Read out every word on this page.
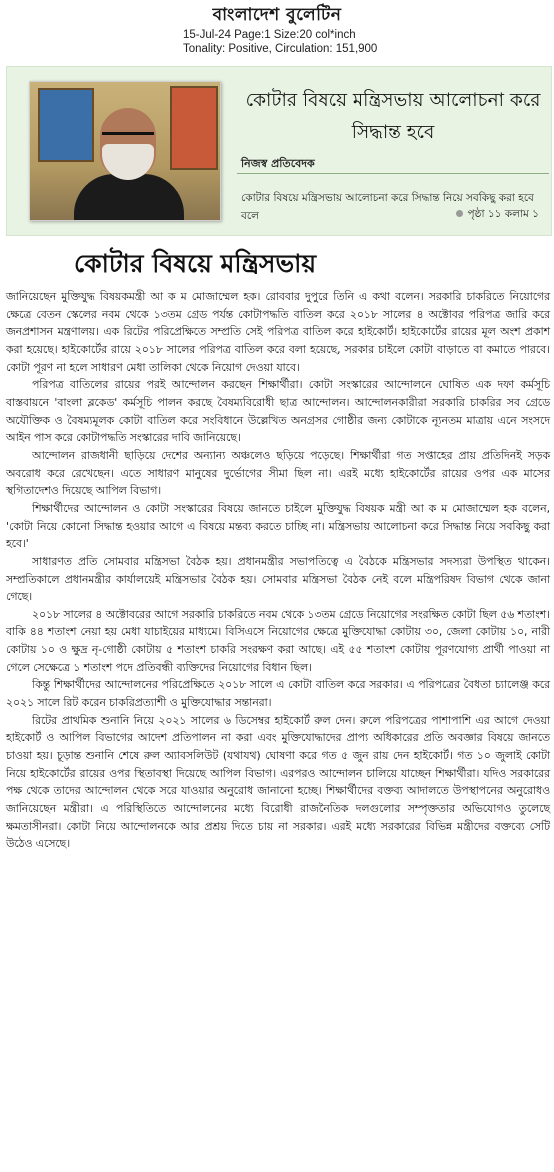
বাংলাদেশ বুলেটিন
15-Jul-24 Page:1 Size:20 col*inch
Tonality: Positive, Circulation: 151,900
কোটার বিষয়ে মন্ত্রিসভায় আলোচনা করে সিদ্ধান্ত হবে
নিজস্ব প্রতিবেদক
কোটার বিষয়ে মন্ত্রিসভায় আলোচনা করে সিদ্ধান্ত নিয়ে সবকিছু করা হবে বলে	পৃষ্ঠা ১১ কলাম ১
কোটার বিষয়ে মন্ত্রিসভায়

জানিয়েছেন মুক্তিযুদ্ধ বিষয়কমন্ত্রী আ ক ম মোজাম্মেল হক। রোববার দুপুরে তিনি এ কথা বলেন। সরকারি চাকরিতে নিয়োগের ক্ষেত্রে বেতন স্কেলের নবম থেকে ১৩তম গ্রেড পর্যন্ত কোটাপদ্ধতি বাতিল করে ২০১৮ সালের ৪ অক্টোবর পরিপত্র জারি করে জনপ্রশাসন মন্ত্রণালয়। এক রিটের পরিপ্রেক্ষিতে সম্প্রতি সেই পরিপত্র বাতিল করে হাইকোর্ট। হাইকোর্টের রায়ের মূল অংশ প্রকাশ করা হয়েছে। হাইকোর্টের রায়ে ২০১৮ সালের পরিপত্র বাতিল করে বলা হয়েছে, সরকার চাইলে কোটা বাড়াতে বা কমাতে পারবে। কোটা পূরণ না হলে সাধারণ মেধা তালিকা থেকে নিয়োগ দেওয়া যাবে।

পরিপত্র বাতিলের রায়ের পরই আন্দোলন করছেন শিক্ষার্থীরা। কোটা সংস্কারের আন্দোলনে ঘোষিত এক দফা কর্মসূচি বাস্তবায়নে 'বাংলা ব্লকেড' কর্মসূচি পালন করছে বৈষম্যবিরোধী ছাত্র আন্দোলন। আন্দোলনকারীরা সরকারি চাকরির সব গ্রেডে অযৌক্তিক ও বৈষম্যমূলক কোটা বাতিল করে সংবিধানে উল্লেখিত অনগ্রসর গোষ্ঠীর জন্য কোটাকে ন্যূনতম মাত্রায় এনে সংসদে আইন পাস করে কোটাপদ্ধতি সংস্কারের দাবি জানিয়েছে।

আন্দোলন রাজধানী ছাড়িয়ে দেশের অন্যান্য অঞ্চলেও ছড়িয়ে পড়েছে। শিক্ষার্থীরা গত সপ্তাহের প্রায় প্রতিদিনই সড়ক অবরোধ করে রেখেছেন। এতে সাধারণ মানুষের দুর্ভোগের সীমা ছিল না। এরই মধ্যে হাইকোর্টের রায়ের ওপর এক মাসের স্থগিতাদেশও দিয়েছে আপিল বিভাগ।

শিক্ষার্থীদের আন্দোলন ও কোটা সংস্কারের বিষয়ে জানতে চাইলে মুক্তিযুদ্ধ বিষয়ক মন্ত্রী আ ক ম মোজাম্মেল হক বলেন, 'কোটা নিয়ে কোনো সিদ্ধান্ত হওয়ার আগে এ বিষয়ে মন্তব্য করতে চাচ্ছি না। মন্ত্রিসভায় আলোচনা করে সিদ্ধান্ত নিয়ে সবকিছু করা হবে।'

সাধারণত প্রতি সোমবার মন্ত্রিসভা বৈঠক হয়। প্রধানমন্ত্রীর সভাপতিত্বে এ বৈঠকে মন্ত্রিসভার সদস্যরা উপস্থিত থাকেন। সম্প্রতিকালে প্রধানমন্ত্রীর কার্যালয়েই মন্ত্রিসভার বৈঠক হয়। সোমবার মন্ত্রিসভা বৈঠক নেই বলে মন্ত্রিপরিষদ বিভাগ থেকে জানা গেছে।

২০১৮ সালের ৪ অক্টোবরের আগে সরকারি চাকরিতে নবম থেকে ১৩তম গ্রেডে নিয়োগের সংরক্ষিত কোটা ছিল ৫৬ শতাংশ। বাকি ৪৪ শতাংশ নেয়া হয় মেধা যাচাইয়ের মাধ্যমে। বিসিএসে নিয়োগের ক্ষেত্রে মুক্তিযোদ্ধা কোটায় ৩০, জেলা কোটায় ১০, নারী কোটায় ১০ ও ক্ষুদ্র নৃ-গোষ্ঠী কোটায় ৫ শতাংশ চাকরি সংরক্ষণ করা আছে। এই ৫৫ শতাংশ কোটায় পূরণযোগ্য প্রার্থী পাওয়া না গেলে সেক্ষেত্রে ১ শতাংশ পদে প্রতিবন্ধী ব্যক্তিদের নিয়োগের বিধান ছিল।

কিন্তু শিক্ষার্থীদের আন্দোলনের পরিপ্রেক্ষিতে ২০১৮ সালে এ কোটা বাতিল করে সরকার। এ পরিপত্রের বৈধতা চ্যালেঞ্জ করে ২০২১ সালে রিট করেন চাকরিপ্রত্যাশী ও মুক্তিযোদ্ধার সন্তানরা।

রিটের প্রাথমিক শুনানি নিয়ে ২০২১ সালের ৬ ডিসেম্বর হাইকোর্ট রুল দেন। রুলে পরিপত্রের পাশাপাশি এর আগে দেওয়া হাইকোর্ট ও আপিল বিভাগের আদেশ প্রতিপালন না করা এবং মুক্তিযোদ্ধাদের প্রাপ্য অধিকারের প্রতি অবজ্ঞার বিষয়ে জানতে চাওয়া হয়। চূড়ান্ত শুনানি শেষে রুল অ্যাবসলিউট (যথাযথ) ঘোষণা করে গত ৫ জুন রায় দেন হাইকোর্ট। গত ১০ জুলাই কোটা নিয়ে হাইকোর্টের রায়ের ওপর স্থিতাবস্থা দিয়েছে আপিল বিভাগ। এরপরও আন্দোলন চালিয়ে যাচ্ছেন শিক্ষার্থীরা। যদিও সরকারের পক্ষ থেকে তাদের আন্দোলন থেকে সরে যাওয়ার অনুরোধ জানানো হচ্ছে। শিক্ষার্থীদের বক্তব্য আদালতে উপস্থাপনের অনুরোধও জানিয়েছেন মন্ত্রীরা। এ পরিস্থিতিতে আন্দোলনের মধ্যে বিরোধী রাজনৈতিক দলগুলোর সম্পৃক্ততার অভিযোগও তুলেছে ক্ষমতাসীনরা। কোটা নিয়ে আন্দোলনকে আর প্রশ্রয় দিতে চায় না সরকার। এরই মধ্যে সরকারের বিভিন্ন মন্ত্রীদের বক্তব্যে সেটি উঠেও এসেছে।
